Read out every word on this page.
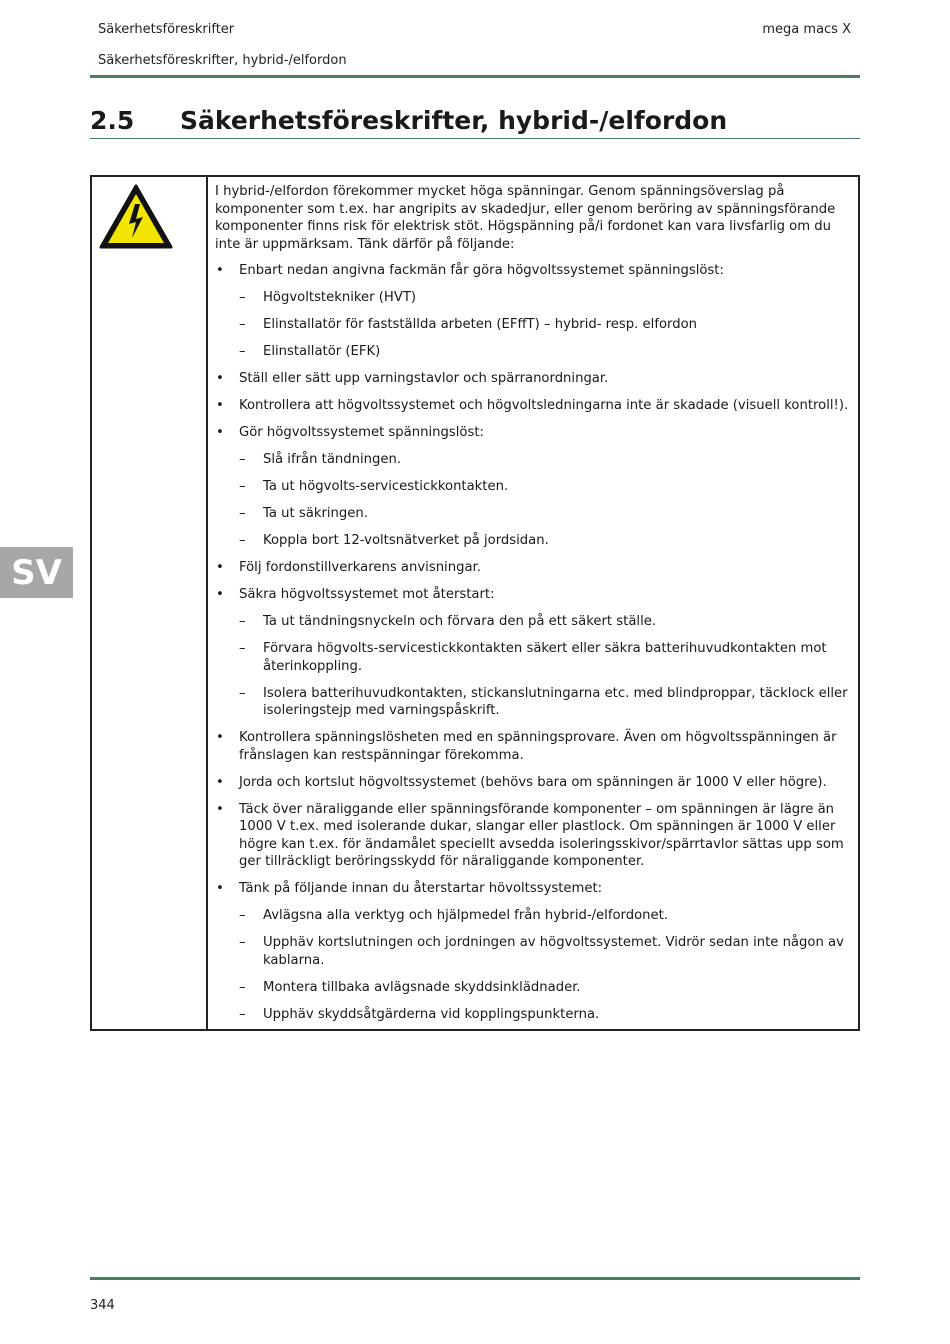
Säkerhetsföreskrifter	mega macs X
Säkerhetsföreskrifter, hybrid-/elfordon
2.5 Säkerhetsföreskrifter, hybrid-/elfordon
SV

I hybrid-/elfordon förekommer mycket höga spänningar. Genom spänningsöverslag på komponenter som t.ex. har angripits av skadedjur, eller genom beröring av spänningsförande komponenter finns risk för elektrisk stöt. Högspänning på/i fordonet kan vara livsfarlig om du inte är uppmärksam. Tänk därför på följande:

• Enbart nedan angivna fackmän får göra högvoltssystemet spänningslöst:
– Högvoltstekniker (HVT)
– Elinstallatör för fastställda arbeten (EFffT) – hybrid- resp. elfordon
– Elinstallatör (EFK)
• Ställ eller sätt upp varningstavlor och spärranordningar.
• Kontrollera att högvoltssystemet och högvoltsledningarna inte är skadade (visuell kontroll!).
• Gör högvoltssystemet spänningslöst:
– Slå ifrån tändningen.
– Ta ut högvolts-servicestickkontakten.
– Ta ut säkringen.
– Koppla bort 12-voltsnätverket på jordsidan.
• Följ fordonstillverkarens anvisningar.
• Säkra högvoltssystemet mot återstart:
– Ta ut tändningsnyckeln och förvara den på ett säkert ställe.
– Förvara högvolts-servicestickkontakten säkert eller säkra batterihuvudkontakten mot återinkoppling.
– Isolera batterihuvudkontakten, stickanslutningarna etc. med blindproppar, täcklock eller isoleringstejp med varningspåskrift.
• Kontrollera spänningslösheten med en spänningsprovare. Även om högvoltsspänningen är frånslagen kan restspänningar förekomma.
• Jorda och kortslut högvoltssystemet (behövs bara om spänningen är 1000 V eller högre).
• Täck över näraliggande eller spänningsförande komponenter – om spänningen är lägre än 1000 V t.ex. med isolerande dukar, slangar eller plastlock. Om spänningen är 1000 V eller högre kan t.ex. för ändamålet speciellt avsedda isoleringsskivor/spärrtavlor sättas upp som ger tillräckligt beröringsskydd för näraliggande komponenter.
• Tänk på följande innan du återstartar hövoltssystemet:
– Avlägsna alla verktyg och hjälpmedel från hybrid-/elfordonet.
– Upphäv kortslutningen och jordningen av högvoltssystemet. Vidrör sedan inte någon av kablarna.
– Montera tillbaka avlägsnade skyddsinklädnader.
– Upphäv skyddsåtgärderna vid kopplingspunkterna.
344
